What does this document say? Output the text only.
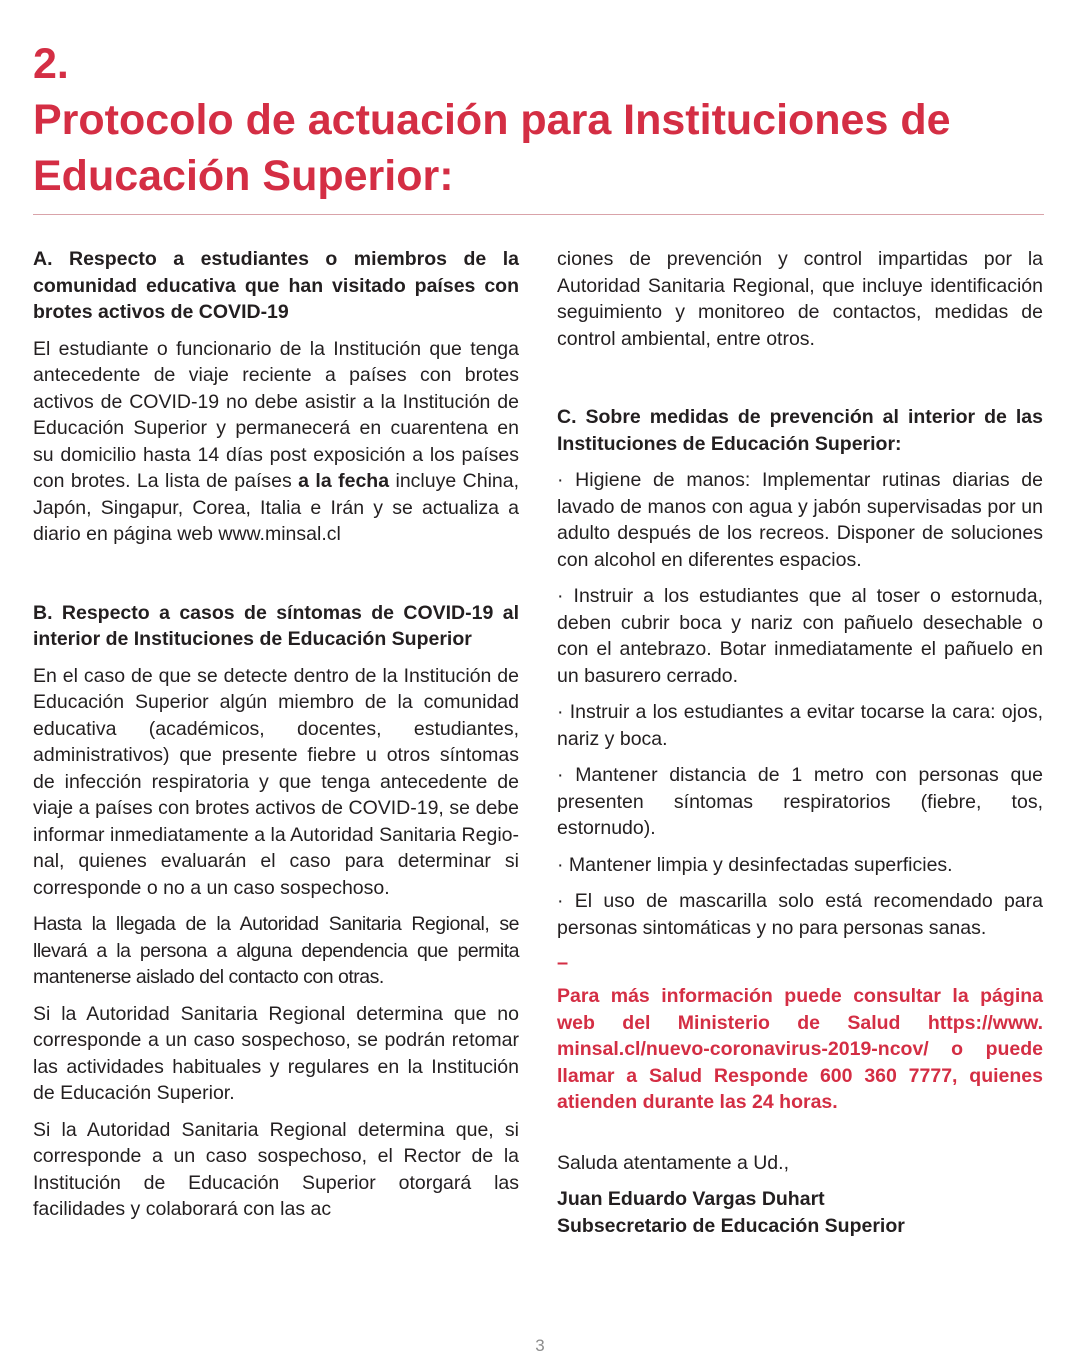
2.
Protocolo de actuación para Instituciones de Educación Superior:
A. Respecto a estudiantes o miembros de la comunidad educativa que han visitado países con brotes activos de COVID-19

El estudiante o funcionario de la Institución que tenga antecedente de viaje reciente a países con brotes activos de COVID-19 no debe asistir a la Institución de Educación Superior y permanecerá en cuarentena en su domicilio hasta 14 días post exposición a los países con brotes. La lista de países a la fecha incluye China, Japón, Singapur, Corea, Italia e Irán y se actualiza a diario en página web www.minsal.cl

B. Respecto a casos de síntomas de COVID-19 al interior de Instituciones de Educación Superior

En el caso de que se detecte dentro de la Institución de Educación Superior algún miembro de la comunidad educativa (académicos, docentes, estudiantes, administrativos) que presente fiebre u otros síntomas de infección respiratoria y que tenga antecedente de viaje a países con brotes activos de COVID-19, se debe informar inmediatamente a la Autoridad Sanitaria Regional, quienes evaluarán el caso para determinar si corresponde o no a un caso sospechoso.

Hasta la llegada de la Autoridad Sanitaria Regional, se llevará a la persona a alguna dependencia que permita mantenerse aislado del contacto con otras.

Si la Autoridad Sanitaria Regional determina que no corresponde a un caso sospechoso, se podrán retomar las actividades habituales y regulares en la Institución de Educación Superior.

Si la Autoridad Sanitaria Regional determina que, si corresponde a un caso sospechoso, el Rector de la Institución de Educación Superior otorgará las facilidades y colaborará con las ac

ciones de prevención y control impartidas por la Autoridad Sanitaria Regional, que incluye identificación seguimiento y monitoreo de contactos, medidas de control ambiental, entre otros.

C. Sobre medidas de prevención al interior de las Instituciones de Educación Superior:

· Higiene de manos: Implementar rutinas diarias de lavado de manos con agua y jabón supervisadas por un adulto después de los recreos. Disponer de soluciones con alcohol en diferentes espacios.

· Instruir a los estudiantes que al toser o estornuda, deben cubrir boca y nariz con pañuelo desechable o con el antebrazo. Botar inmediatamente el pañuelo en un basurero cerrado.

· Instruir a los estudiantes a evitar tocarse la cara: ojos, nariz y boca.

· Mantener distancia de 1 metro con personas que presenten síntomas respiratorios (fiebre, tos, estornudo).

· Mantener limpia y desinfectadas superficies.

· El uso de mascarilla solo está recomendado para personas sintomáticas y no para personas sanas.

–

Para más información puede consultar la página web del Ministerio de Salud https://www. minsal.cl/nuevo-coronavirus-2019-ncov/ o puede llamar a Salud Responde 600 360 7777, quienes atienden durante las 24 horas.

Saluda atentamente a Ud.,

Juan Eduardo Vargas Duhart

Subsecretario de Educación Superior

3
